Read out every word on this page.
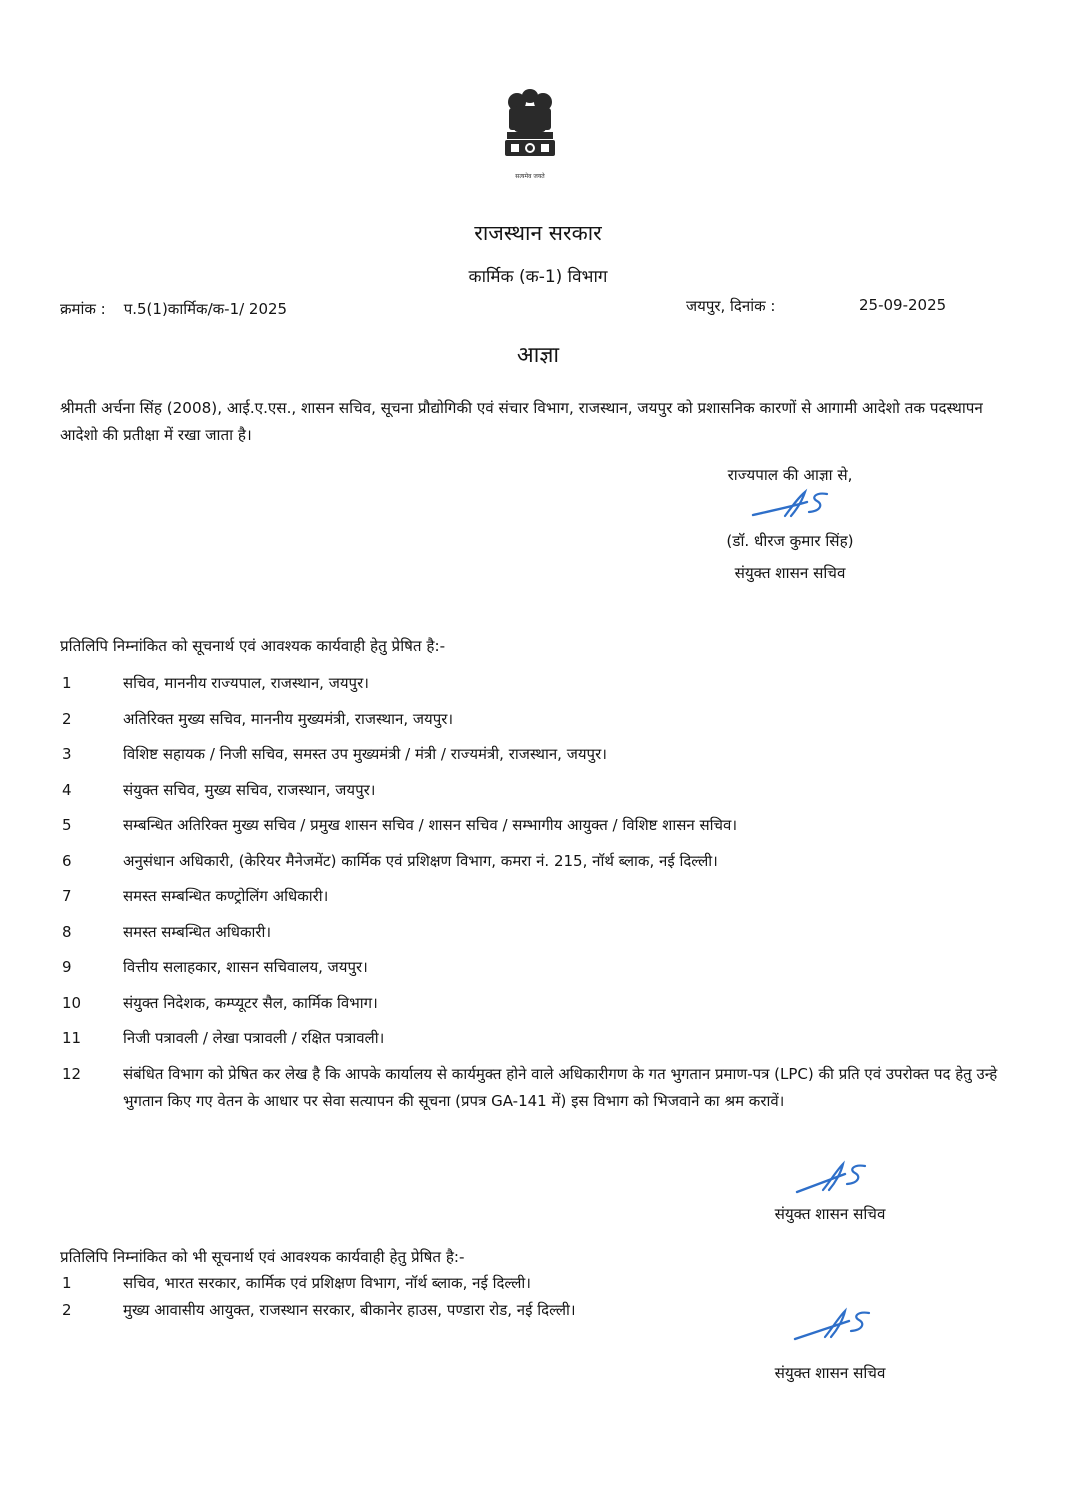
सत्यमेव जयते
राजस्थान सरकार
कार्मिक (क-1) विभाग
क्रमांक : प.5(1)कार्मिक/क-1/ 2025	जयपुर, दिनांक :	25-09-2025
आज्ञा
श्रीमती अर्चना सिंह (2008), आई.ए.एस., शासन सचिव, सूचना प्रौद्योगिकी एवं संचार विभाग, राजस्थान, जयपुर को प्रशासनिक कारणों से आगामी आदेशो तक पदस्थापन आदेशो की प्रतीक्षा में रखा जाता है।
राज्यपाल की आज्ञा से,
(डॉ. धीरज कुमार सिंह)
संयुक्त शासन सचिव
प्रतिलिपि निम्नांकित को सूचनार्थ एवं आवश्यक कार्यवाही हेतु प्रेषित है:-
1	सचिव, माननीय राज्यपाल, राजस्थान, जयपुर।
2	अतिरिक्त मुख्य सचिव, माननीय मुख्यमंत्री, राजस्थान, जयपुर।
3	विशिष्ट सहायक / निजी सचिव, समस्त उप मुख्यमंत्री / मंत्री / राज्यमंत्री, राजस्थान, जयपुर।
4	संयुक्त सचिव, मुख्य सचिव, राजस्थान, जयपुर।
5	सम्बन्धित अतिरिक्त मुख्य सचिव / प्रमुख शासन सचिव / शासन सचिव / सम्भागीय आयुक्त / विशिष्ट शासन सचिव।
6	अनुसंधान अधिकारी, (केरियर मैनेजमेंट) कार्मिक एवं प्रशिक्षण विभाग, कमरा नं. 215, नॉर्थ ब्लाक, नई दिल्ली।
7	समस्त सम्बन्धित कण्ट्रोलिंग अधिकारी।
8	समस्त सम्बन्धित अधिकारी।
9	वित्तीय सलाहकार, शासन सचिवालय, जयपुर।
10	संयुक्त निदेशक, कम्प्यूटर सैल, कार्मिक विभाग।
11	निजी पत्रावली / लेखा पत्रावली / रक्षित पत्रावली।
12	संबंधित विभाग को प्रेषित कर लेख है कि आपके कार्यालय से कार्यमुक्त होने वाले अधिकारीगण के गत भुगतान प्रमाण-पत्र (LPC) की प्रति एवं उपरोक्त पद हेतु उन्हे भुगतान किए गए वेतन के आधार पर सेवा सत्यापन की सूचना (प्रपत्र GA-141 में) इस विभाग को भिजवाने का श्रम करावें।
संयुक्त शासन सचिव
प्रतिलिपि निम्नांकित को भी सूचनार्थ एवं आवश्यक कार्यवाही हेतु प्रेषित है:-
1	सचिव, भारत सरकार, कार्मिक एवं प्रशिक्षण विभाग, नॉर्थ ब्लाक, नई दिल्ली।
2	मुख्य आवासीय आयुक्त, राजस्थान सरकार, बीकानेर हाउस, पण्डारा रोड, नई दिल्ली।
संयुक्त शासन सचिव
